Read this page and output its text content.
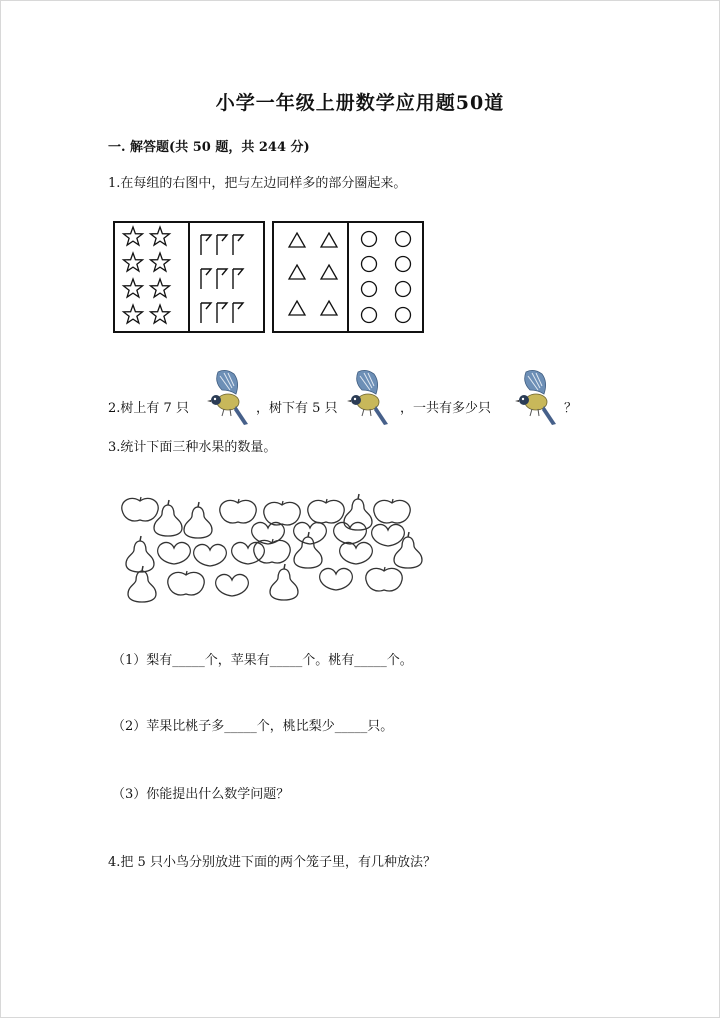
小学一年级上册数学应用题50道
一. 解答题(共 50 题，共 244 分)
1.在每组的右图中，把与左边同样多的部分圈起来。
2.树上有 7 只	，树下有 5 只	，一共有多少只	？
3.统计下面三种水果的数量。
（1）梨有_____个，苹果有_____个。桃有_____个。
（2）苹果比桃子多_____个，桃比梨少_____只。
（3）你能提出什么数学问题？
4.把 5 只小鸟分别放进下面的两个笼子里，有几种放法？
